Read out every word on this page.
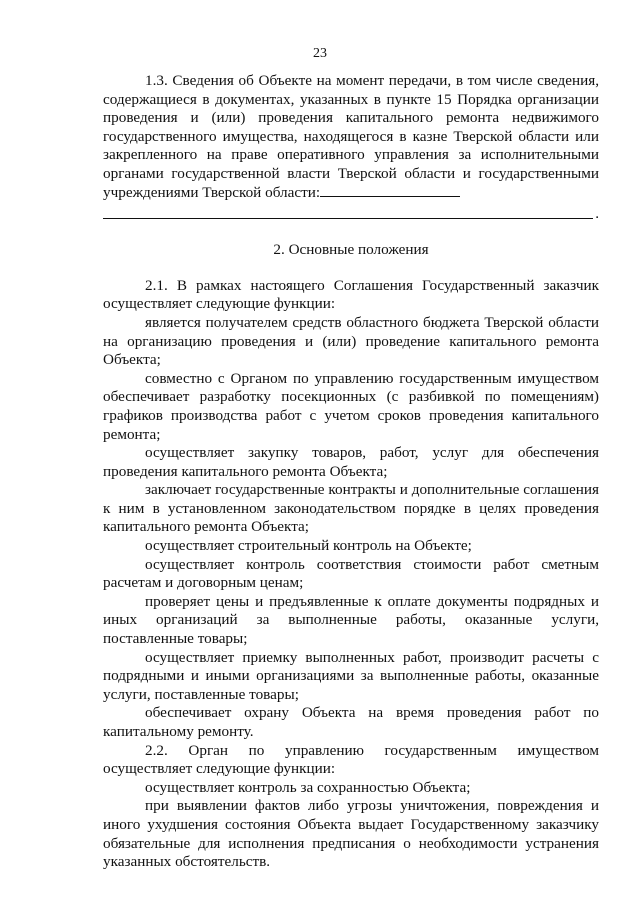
23

1.3. Сведения об Объекте на момент передачи, в том числе сведения, содержащиеся в документах, указанных в пункте 15 Порядка организации проведения и (или) проведения капитального ремонта недвижимого государственного имущества, находящегося в казне Тверской области или закрепленного на праве оперативного управления за исполнительными органами государственной власти Тверской области и государственными учреждениями Тверской области:

.

2. Основные положения

2.1. В рамках настоящего Соглашения Государственный заказчик осуществляет следующие функции:

является получателем средств областного бюджета Тверской области на организацию проведения и (или) проведение капитального ремонта Объекта;

совместно с Органом по управлению государственным имуществом обеспечивает разработку посекционных (с разбивкой по помещениям) графиков производства работ с учетом сроков проведения капитального ремонта;

осуществляет закупку товаров, работ, услуг для обеспечения проведения капитального ремонта Объекта;

заключает государственные контракты и дополнительные соглашения к ним в установленном законодательством порядке в целях проведения капитального ремонта Объекта;

осуществляет строительный контроль на Объекте;

осуществляет контроль соответствия стоимости работ сметным расчетам и договорным ценам;

проверяет цены и предъявленные к оплате документы подрядных и иных организаций за выполненные работы, оказанные услуги, поставленные товары;

осуществляет приемку выполненных работ, производит расчеты с подрядными и иными организациями за выполненные работы, оказанные услуги, поставленные товары;

обеспечивает охрану Объекта на время проведения работ по капитальному ремонту.

2.2. Орган по управлению государственным имуществом осуществляет следующие функции:

осуществляет контроль за сохранностью Объекта;

при выявлении фактов либо угрозы уничтожения, повреждения и иного ухудшения состояния Объекта выдает Государственному заказчику обязательные для исполнения предписания о необходимости устранения указанных обстоятельств.
